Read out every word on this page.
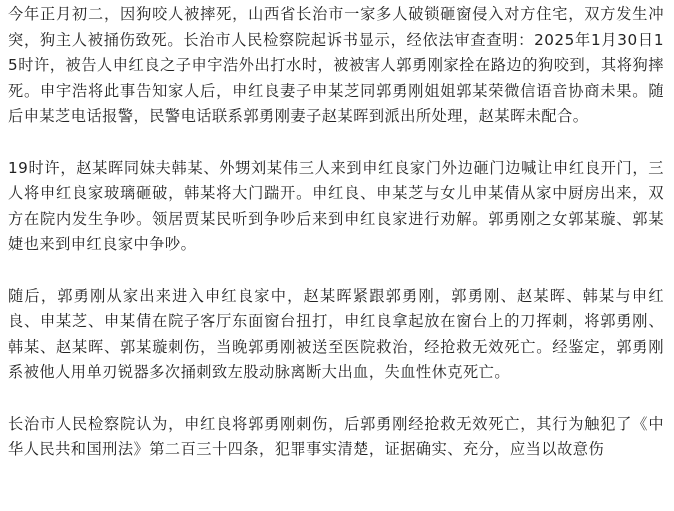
今年正月初二，因狗咬人被摔死，山西省长治市一家多人破锁砸窗侵入对方住宅，双方发生冲突，狗主人被捅伤致死。长治市人民检察院起诉书显示，经依法审查查明：2025年1月30日15时许，被告人申红良之子申宇浩外出打水时，被被害人郭勇刚家拴在路边的狗咬到，其将狗摔死。申宇浩将此事告知家人后，申红良妻子申某芝同郭勇刚姐姐郭某荣微信语音协商未果。随后申某芝电话报警，民警电话联系郭勇刚妻子赵某晖到派出所处理，赵某晖未配合。

19时许，赵某晖同妹夫韩某、外甥刘某伟三人来到申红良家门外边砸门边喊让申红良开门，三人将申红良家玻璃砸破，韩某将大门踹开。申红良、申某芝与女儿申某倩从家中厨房出来，双方在院内发生争吵。领居贾某民听到争吵后来到申红良家进行劝解。郭勇刚之女郭某璇、郭某婕也来到申红良家中争吵。

随后，郭勇刚从家出来进入申红良家中，赵某晖紧跟郭勇刚，郭勇刚、赵某晖、韩某与申红良、申某芝、申某倩在院子客厅东面窗台扭打，申红良拿起放在窗台上的刀挥刺，将郭勇刚、韩某、赵某晖、郭某璇刺伤，当晚郭勇刚被送至医院救治，经抢救无效死亡。经鉴定，郭勇刚系被他人用单刃锐器多次捅刺致左股动脉离断大出血，失血性休克死亡。

长治市人民检察院认为，申红良将郭勇刚刺伤，后郭勇刚经抢救无效死亡，其行为触犯了《中华人民共和国刑法》第二百三十四条，犯罪事实清楚，证据确实、充分，应当以故意伤
